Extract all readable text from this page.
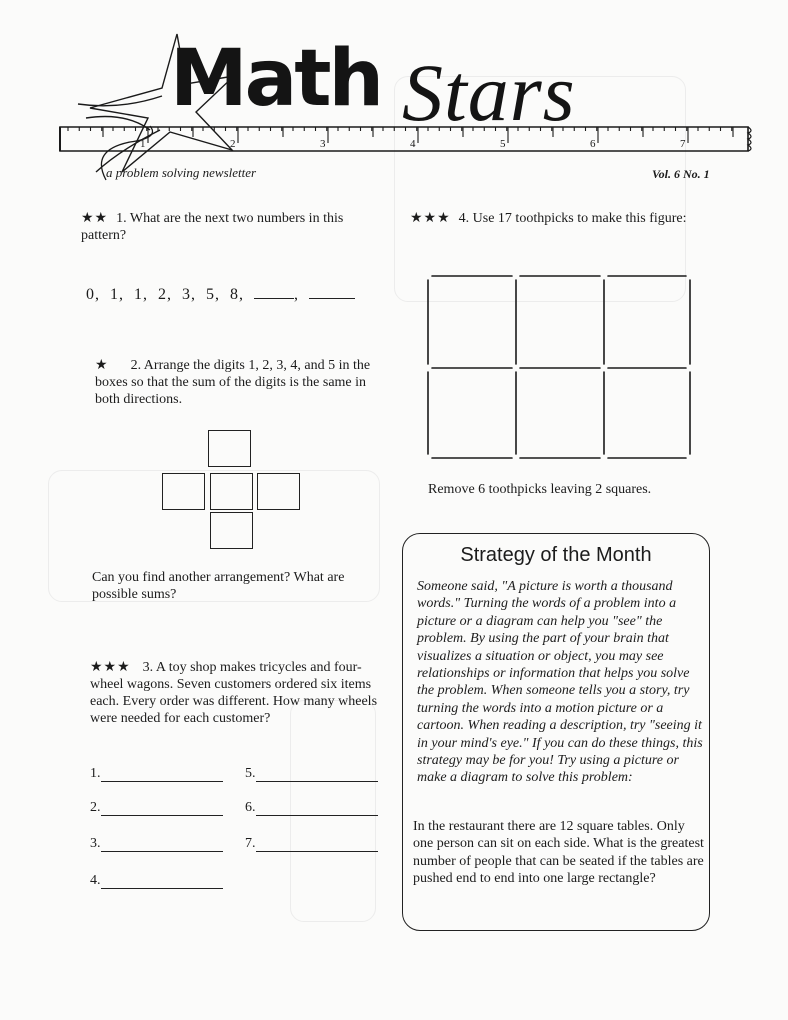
1	2	3	4	5	6	7
Math Stars
a problem solving newsletter	Vol. 6 No. 1
★★ 1. What are the next two numbers in this pattern?
0, 1, 1, 2, 3, 5, 8,	,
★ 2. Arrange the digits 1, 2, 3, 4, and 5 in the boxes so that the sum of the digits is the same in both directions.
Can you find another arrangement? What are possible sums?
★★★ 3. A toy shop makes tricycles and four-wheel wagons. Seven customers ordered six items each. Every order was different. How many wheels were needed for each customer?
1.
2.
3.
4.
5.
6.
7.
★★★ 4. Use 17 toothpicks to make this figure:
Remove 6 toothpicks leaving 2 squares.
Strategy of the Month
Someone said, "A picture is worth a thousand words." Turning the words of a problem into a picture or a diagram can help you "see" the problem. By using the part of your brain that visualizes a situation or object, you may see relationships or information that helps you solve the problem. When someone tells you a story, try turning the words into a motion picture or a cartoon. When reading a description, try "seeing it in your mind's eye." If you can do these things, this strategy may be for you! Try using a picture or make a diagram to solve this problem:
In the restaurant there are 12 square tables. Only one person can sit on each side. What is the greatest number of people that can be seated if the tables are pushed end to end into one large rectangle?
